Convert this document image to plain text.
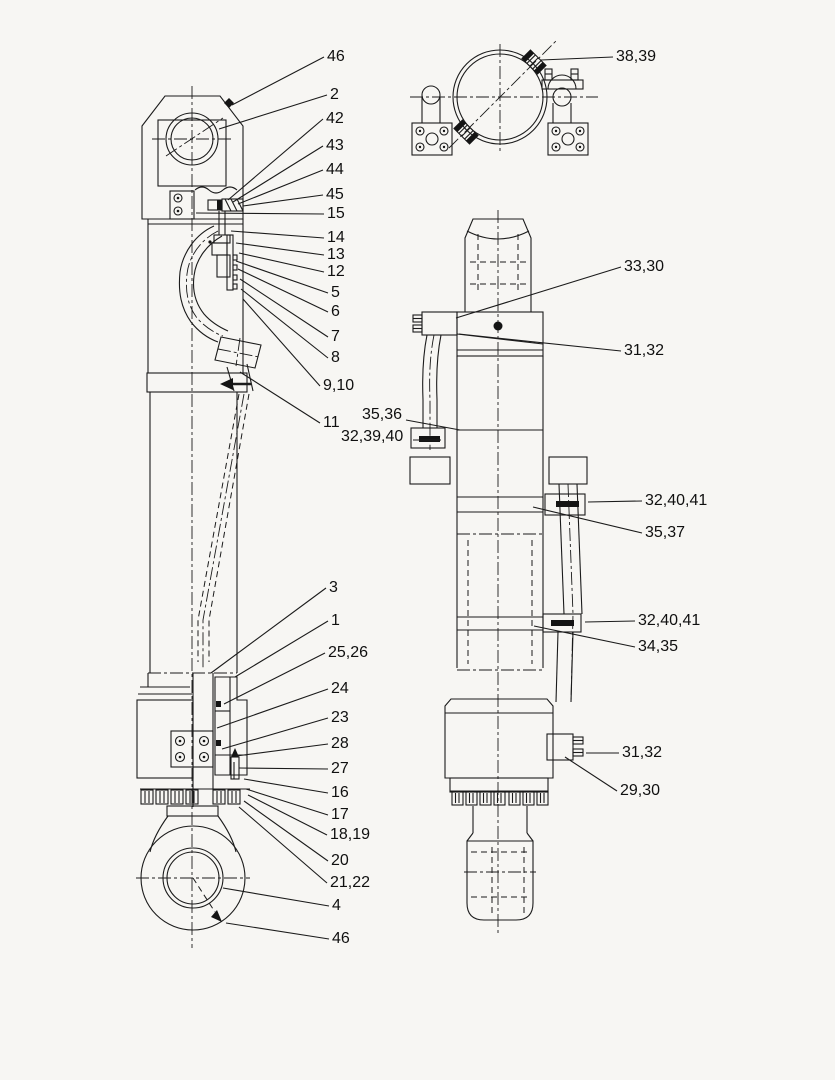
46
2
42
43
44
45
15
14
13
12
5
6
7
8
9,10
11
3
1
25,26
24
23
28
27
16
17
18,19
20
21,22
4
46
38,39
33,30
31,32
35,36
32,39,40
32,40,41
35,37
32,40,41
34,35
31,32
29,30
